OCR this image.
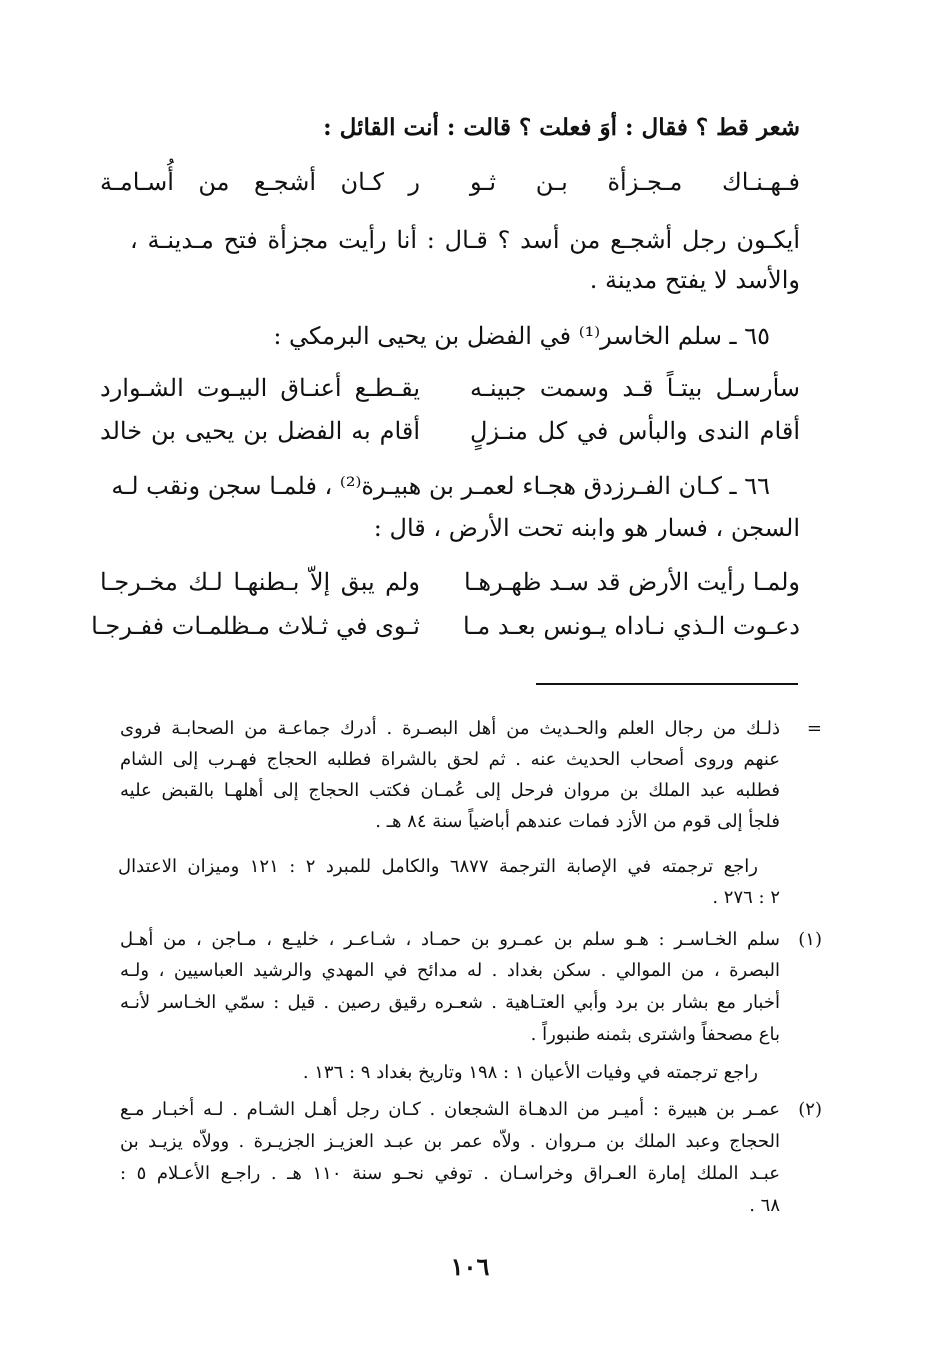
شعر قط ؟ فقال : أوَ فعلت ؟ قالت : أنت القائل :
فـهـنـاك مـجـزأة بـن ثـو
ر كـان أشجـع من أُسـامـة
أيكـون رجل أشجـع من أسد ؟ قـال : أنا رأيت مجزأة فتح مـدينـة ،
والأسد لا يفتح مدينة .
٦٥ ـ سلم الخاسر⁽¹⁾ في الفضل بن يحيى البرمكي :
سأرسـل بيتـاً قـد وسمت جبينـه
يقـطـع أعنـاق البيـوت الشـوارد
أقام الندى والبأس في كل منـزلٍ
أقام به الفضل بن يحيى بن خالد
٦٦ ـ كـان الفـرزدق هجـاء لعمـر بن هبيـرة⁽²⁾ ، فلمـا سجن ونقب لـه
السجن ، فسار هو وابنه تحت الأرض ، قال :
ولمـا رأيت الأرض قد سـد ظهـرهـا
ولم يبق إلاّ بـطنهـا لـك مخـرجـا
دعـوت الـذي نـاداه يـونس بعـد مـا
ثـوى في ثـلاث مـظلمـات ففـرجـا
=
ذلـك من رجال العلم والحـديث من أهل البصـرة . أدرك جماعـة من الصحابـة فروى
عنهم وروى أصحاب الحديث عنه . ثم لحق بالشراة فطلبه الحجاج فهـرب إلى الشام
فطلبه عبد الملك بن مروان فرحل إلى عُمـان فكتب الحجاج إلى أهلهـا بالقبض عليه
فلجأ إلى قوم من الأزد فمات عندهم أباضياً سنة ٨٤ هـ .
راجع ترجمته في الإصابة الترجمة ٦٨٧٧ والكامل للمبرد ٢ : ١٢١ وميزان الاعتدال
٢ : ٢٧٦ .
(١)
سلم الخـاسـر : هـو سلم بن عمـرو بن حمـاد ، شـاعـر ، خليـع ، مـاجن ، من أهـل
البصرة ، من الموالي . سكن بغداد . له مدائح في المهدي والرشيد العباسيين ، ولـه
أخبار مع بشار بن برد وأبي العتـاهية . شعـره رقيق رصين . قيل : سمّي الخـاسر لأنـه
باع مصحفاً واشترى بثمنه طنبوراً .
راجع ترجمته في وفيات الأعيان ١ : ١٩٨ وتاريخ بغداد ٩ : ١٣٦ .
(٢)
عمـر بن هبيرة : أميـر من الدهـاة الشجعان . كـان رجل أهـل الشـام . لـه أخبـار مـع
الحجاج وعبد الملك بن مـروان . ولاّه عمر بن عبـد العزيـز الجزيـرة . وولاّه يزيـد بن
عبـد الملك إمارة العـراق وخراسـان . توفي نحـو سنة ١١٠ هـ . راجـع الأعـلام ٥ :
٦٨ .
١٠٦
